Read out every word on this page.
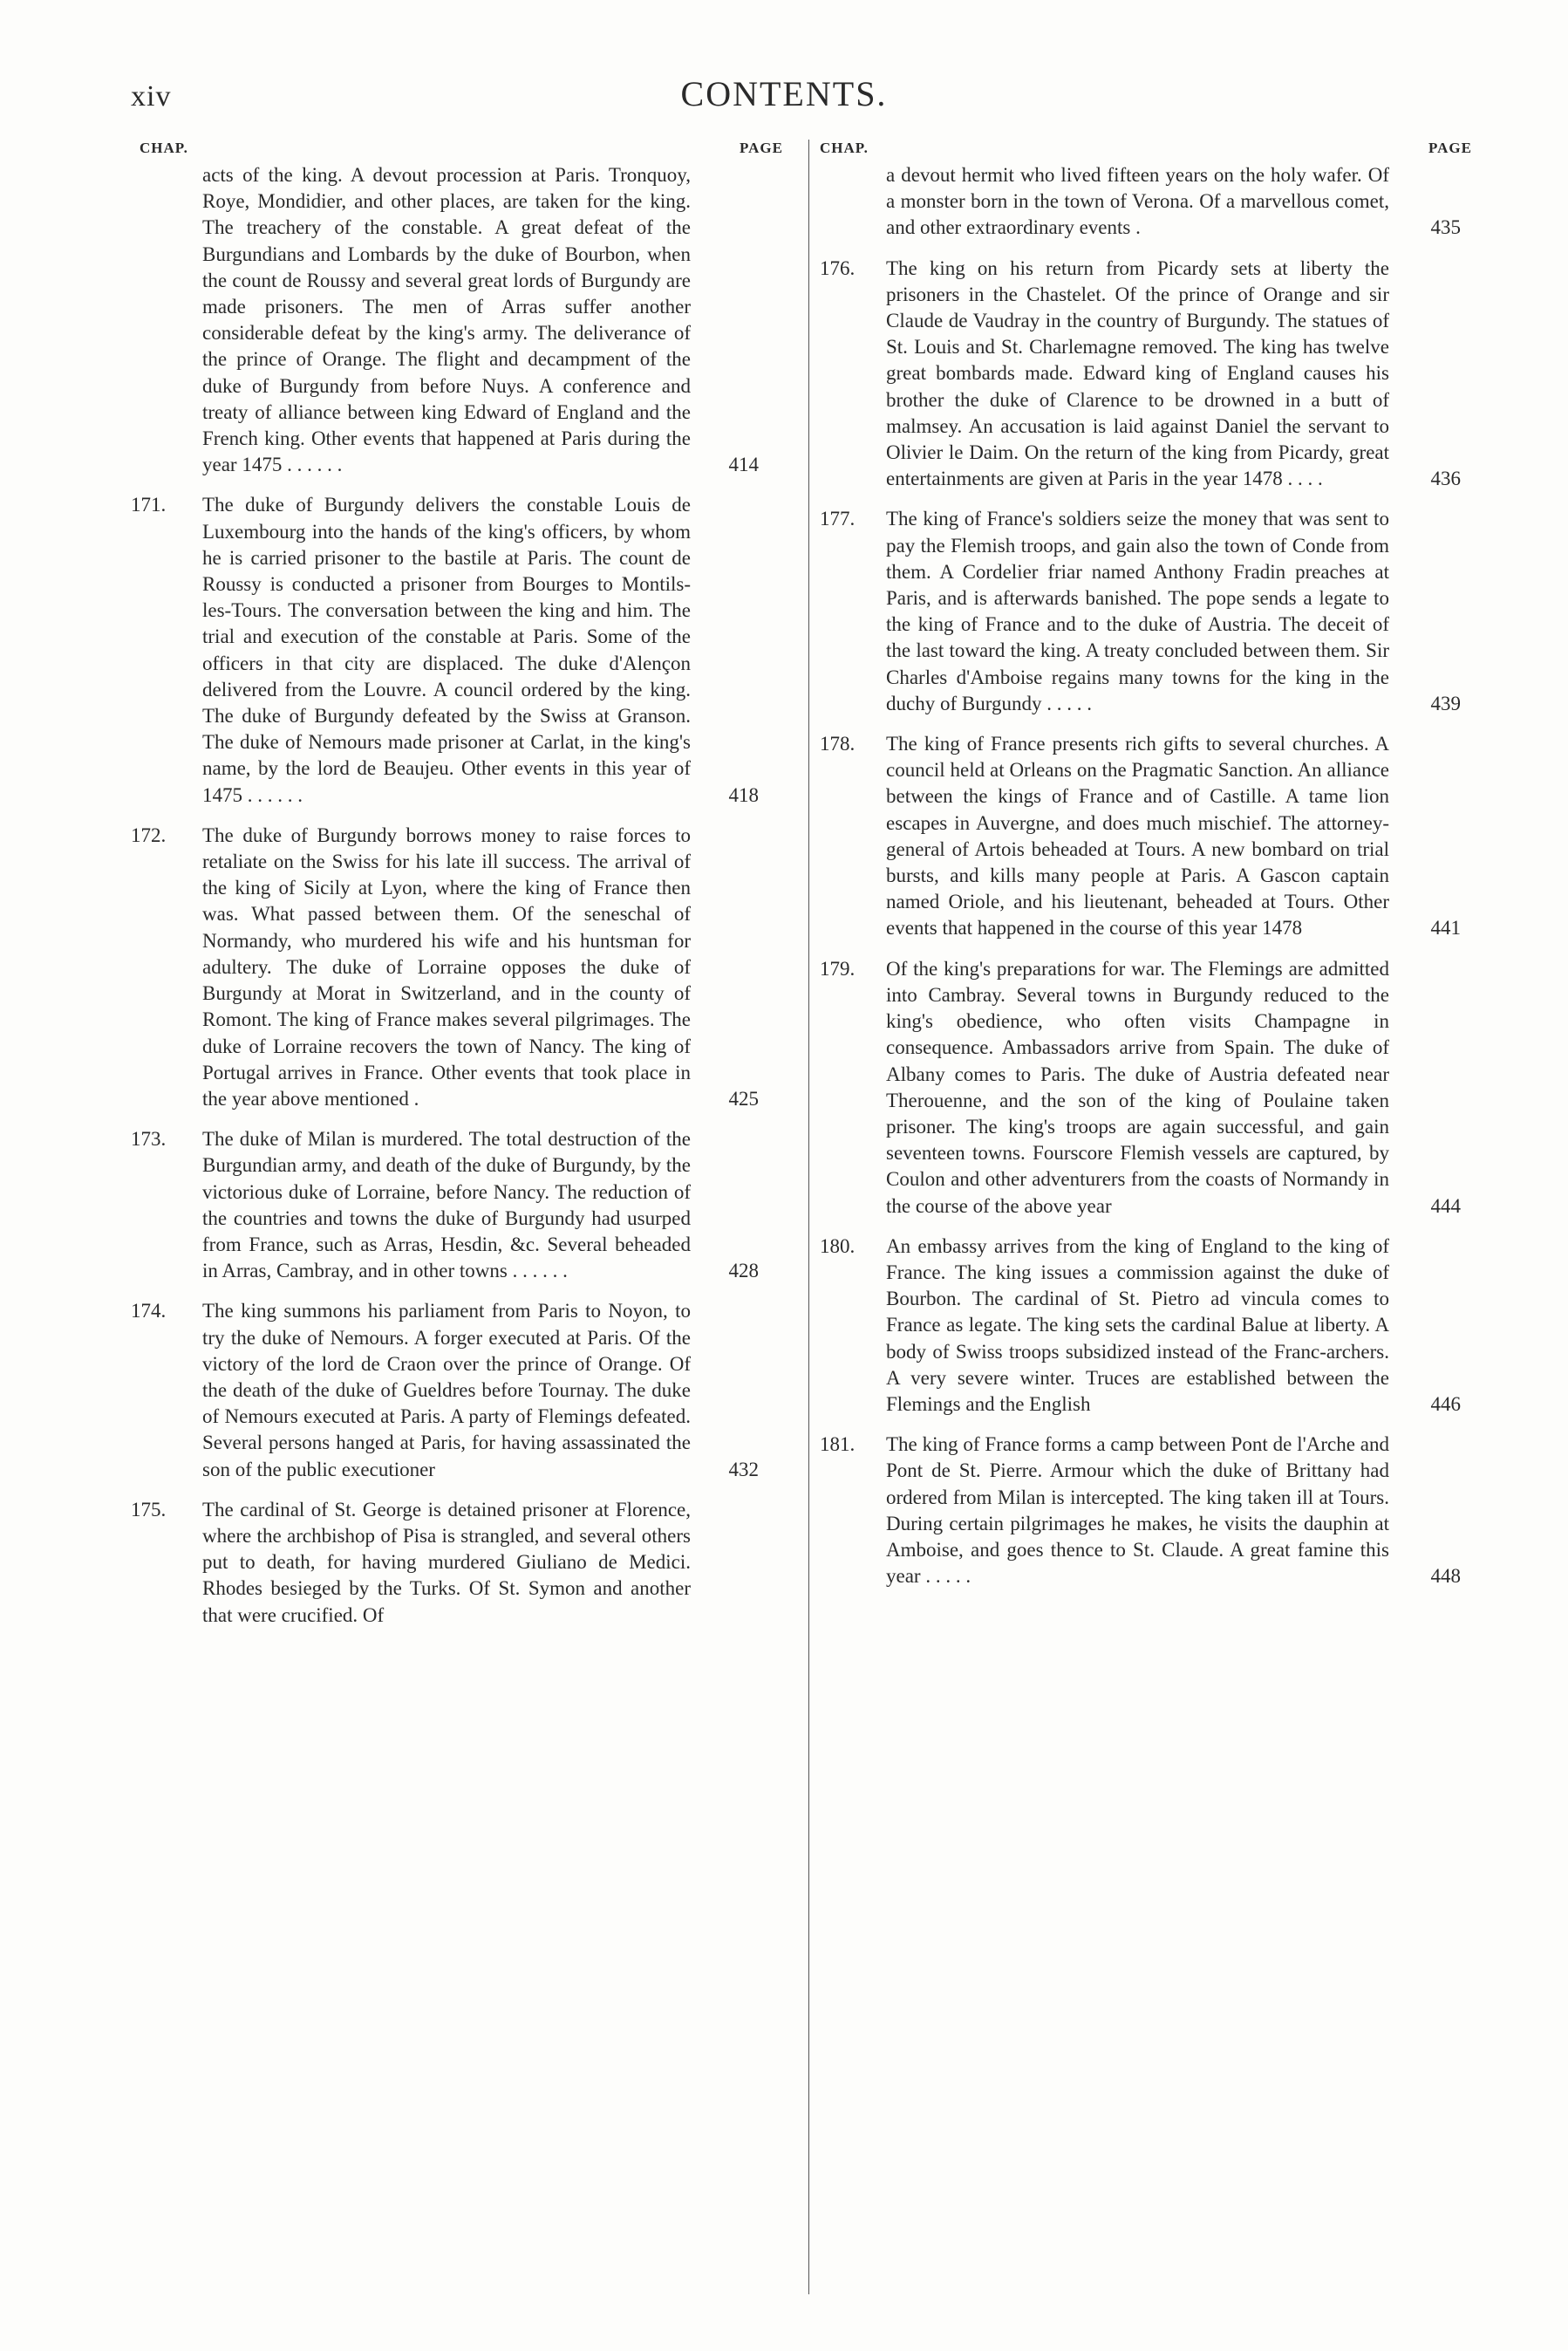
xiv	CONTENTS.
CHAP.	PAGE CHAP.	PAGE
acts of the king. A devout procession at Paris. Tronquoy, Roye, Mondidier, and other places, are taken for the king. The treachery of the constable. A great defeat of the Burgundians and Lombards by the duke of Bourbon, when the count de Roussy and several great lords of Burgundy are made prisoners. The men of Arras suffer another considerable defeat by the king's army. The deliverance of the prince of Orange. The flight and decampment of the duke of Burgundy from before Nuys. A conference and treaty of alliance between king Edward of England and the French king. Other events that happened at Paris during the year 1475 . . . . . .	414
171.	The duke of Burgundy delivers the constable Louis de Luxembourg into the hands of the king's officers, by whom he is carried prisoner to the bastile at Paris. The count de Roussy is conducted a prisoner from Bourges to Montils-les-Tours. The conversation between the king and him. The trial and execution of the constable at Paris. Some of the officers in that city are displaced. The duke d'Alençon delivered from the Louvre. A council ordered by the king. The duke of Burgundy defeated by the Swiss at Granson. The duke of Nemours made prisoner at Carlat, in the king's name, by the lord de Beaujeu. Other events in this year of 1475 . . . . . .	418
172.	The duke of Burgundy borrows money to raise forces to retaliate on the Swiss for his late ill success. The arrival of the king of Sicily at Lyon, where the king of France then was. What passed between them. Of the seneschal of Normandy, who murdered his wife and his huntsman for adultery. The duke of Lorraine opposes the duke of Burgundy at Morat in Switzerland, and in the county of Romont. The king of France makes several pilgrimages. The duke of Lorraine recovers the town of Nancy. The king of Portugal arrives in France. Other events that took place in the year above mentioned .	425
173.	The duke of Milan is murdered. The total destruction of the Burgundian army, and death of the duke of Burgundy, by the victorious duke of Lorraine, before Nancy. The reduction of the countries and towns the duke of Burgundy had usurped from France, such as Arras, Hesdin, &c. Several beheaded in Arras, Cambray, and in other towns . . . . . .	428
174.	The king summons his parliament from Paris to Noyon, to try the duke of Nemours. A forger executed at Paris. Of the victory of the lord de Craon over the prince of Orange. Of the death of the duke of Gueldres before Tournay. The duke of Nemours executed at Paris. A party of Flemings defeated. Several persons hanged at Paris, for having assassinated the son of the public executioner	432
175.	The cardinal of St. George is detained prisoner at Florence, where the archbishop of Pisa is strangled, and several others put to death, for having murdered Giuliano de Medici. Rhodes besieged by the Turks. Of St. Symon and another that were crucified. Of
a devout hermit who lived fifteen years on the holy wafer. Of a monster born in the town of Verona. Of a marvellous comet, and other extraordinary events .	435
176.	The king on his return from Picardy sets at liberty the prisoners in the Chastelet. Of the prince of Orange and sir Claude de Vaudray in the country of Burgundy. The statues of St. Louis and St. Charlemagne removed. The king has twelve great bombards made. Edward king of England causes his brother the duke of Clarence to be drowned in a butt of malmsey. An accusation is laid against Daniel the servant to Olivier le Daim. On the return of the king from Picardy, great entertainments are given at Paris in the year 1478 . . . .	436
177.	The king of France's soldiers seize the money that was sent to pay the Flemish troops, and gain also the town of Conde from them. A Cordelier friar named Anthony Fradin preaches at Paris, and is afterwards banished. The pope sends a legate to the king of France and to the duke of Austria. The deceit of the last toward the king. A treaty concluded between them. Sir Charles d'Amboise regains many towns for the king in the duchy of Burgundy . . . . .	439
178.	The king of France presents rich gifts to several churches. A council held at Orleans on the Pragmatic Sanction. An alliance between the kings of France and of Castille. A tame lion escapes in Auvergne, and does much mischief. The attorney-general of Artois beheaded at Tours. A new bombard on trial bursts, and kills many people at Paris. A Gascon captain named Oriole, and his lieutenant, beheaded at Tours. Other events that happened in the course of this year 1478	441
179.	Of the king's preparations for war. The Flemings are admitted into Cambray. Several towns in Burgundy reduced to the king's obedience, who often visits Champagne in consequence. Ambassadors arrive from Spain. The duke of Albany comes to Paris. The duke of Austria defeated near Therouenne, and the son of the king of Poulaine taken prisoner. The king's troops are again successful, and gain seventeen towns. Fourscore Flemish vessels are captured, by Coulon and other adventurers from the coasts of Normandy in the course of the above year	444
180.	An embassy arrives from the king of England to the king of France. The king issues a commission against the duke of Bourbon. The cardinal of St. Pietro ad vincula comes to France as legate. The king sets the cardinal Balue at liberty. A body of Swiss troops subsidized instead of the Franc-archers. A very severe winter. Truces are established between the Flemings and the English	446
181.	The king of France forms a camp between Pont de l'Arche and Pont de St. Pierre. Armour which the duke of Brittany had ordered from Milan is intercepted. The king taken ill at Tours. During certain pilgrimages he makes, he visits the dauphin at Amboise, and goes thence to St. Claude. A great famine this year . . . . .	448
